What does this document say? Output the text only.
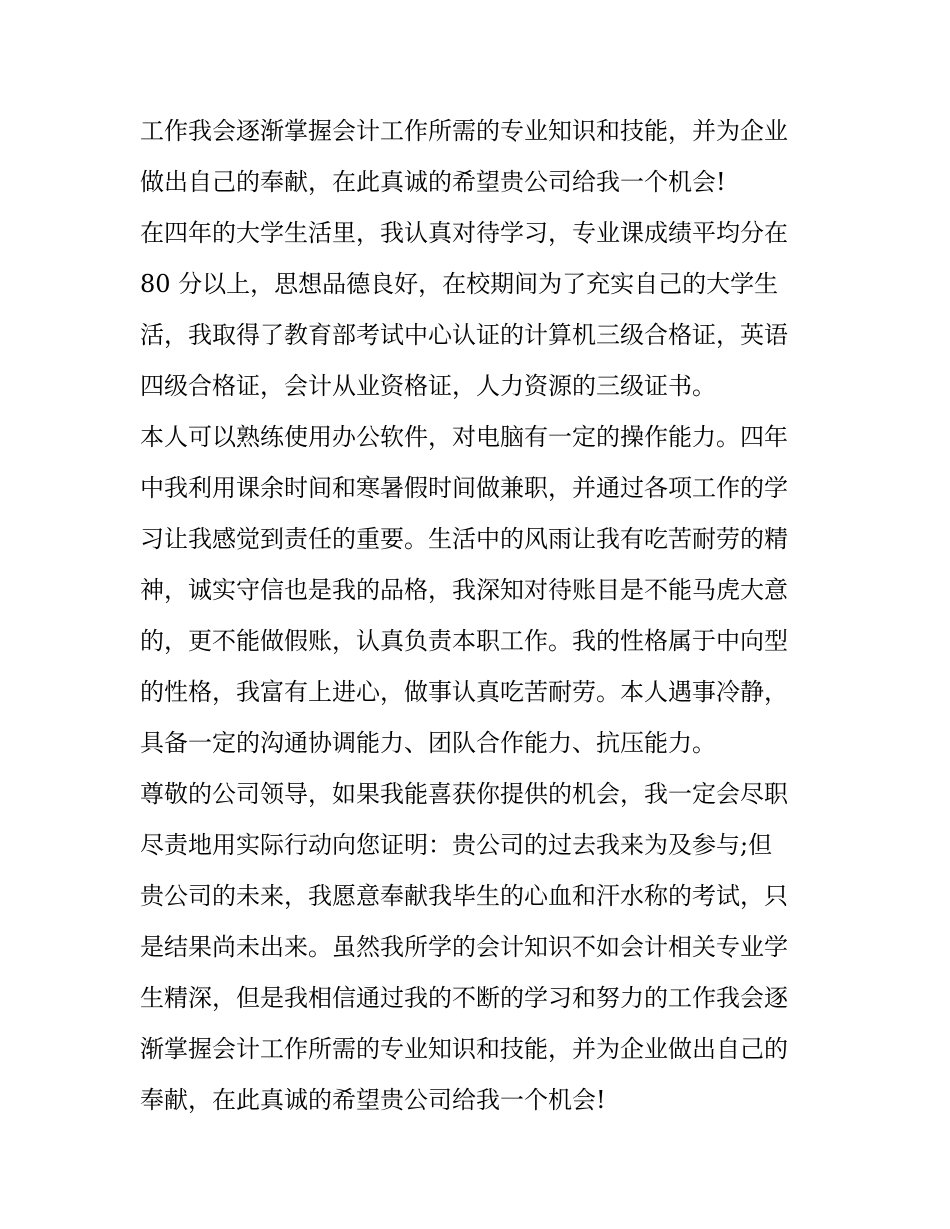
工作我会逐渐掌握会计工作所需的专业知识和技能，并为企业
做出自己的奉献，在此真诚的希望贵公司给我一个机会!
在四年的大学生活里，我认真对待学习，专业课成绩平均分在
80 分以上，思想品德良好，在校期间为了充实自己的大学生
活，我取得了教育部考试中心认证的计算机三级合格证，英语
四级合格证，会计从业资格证，人力资源的三级证书。
本人可以熟练使用办公软件，对电脑有一定的操作能力。四年
中我利用课余时间和寒暑假时间做兼职，并通过各项工作的学
习让我感觉到责任的重要。生活中的风雨让我有吃苦耐劳的精
神，诚实守信也是我的品格，我深知对待账目是不能马虎大意
的，更不能做假账，认真负责本职工作。我的性格属于中向型
的性格，我富有上进心，做事认真吃苦耐劳。本人遇事冷静，
具备一定的沟通协调能力、团队合作能力、抗压能力。
尊敬的公司领导，如果我能喜获你提供的机会，我一定会尽职
尽责地用实际行动向您证明：贵公司的过去我来为及参与;但
贵公司的未来，我愿意奉献我毕生的心血和汗水称的考试，只
是结果尚未出来。虽然我所学的会计知识不如会计相关专业学
生精深，但是我相信通过我的不断的学习和努力的工作我会逐
渐掌握会计工作所需的专业知识和技能，并为企业做出自己的
奉献，在此真诚的希望贵公司给我一个机会!
